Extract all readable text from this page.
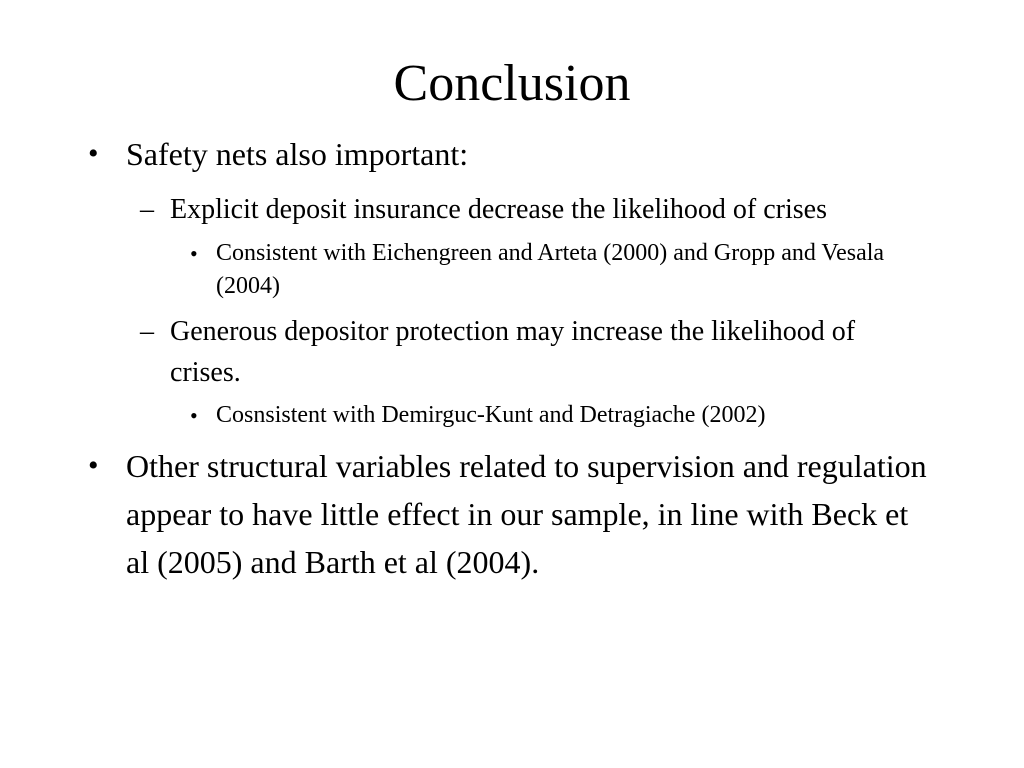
Conclusion
• Safety nets also important:
– Explicit deposit insurance decrease the likelihood of crises
• Consistent with Eichengreen and Arteta (2000) and Gropp and Vesala (2004)
– Generous depositor protection may increase the likelihood of crises.
• Cosnsistent with Demirguc-Kunt and Detragiache (2002)
• Other structural variables related to supervision and regulation appear to have little effect in our sample, in line with Beck et al (2005) and Barth et al (2004).
